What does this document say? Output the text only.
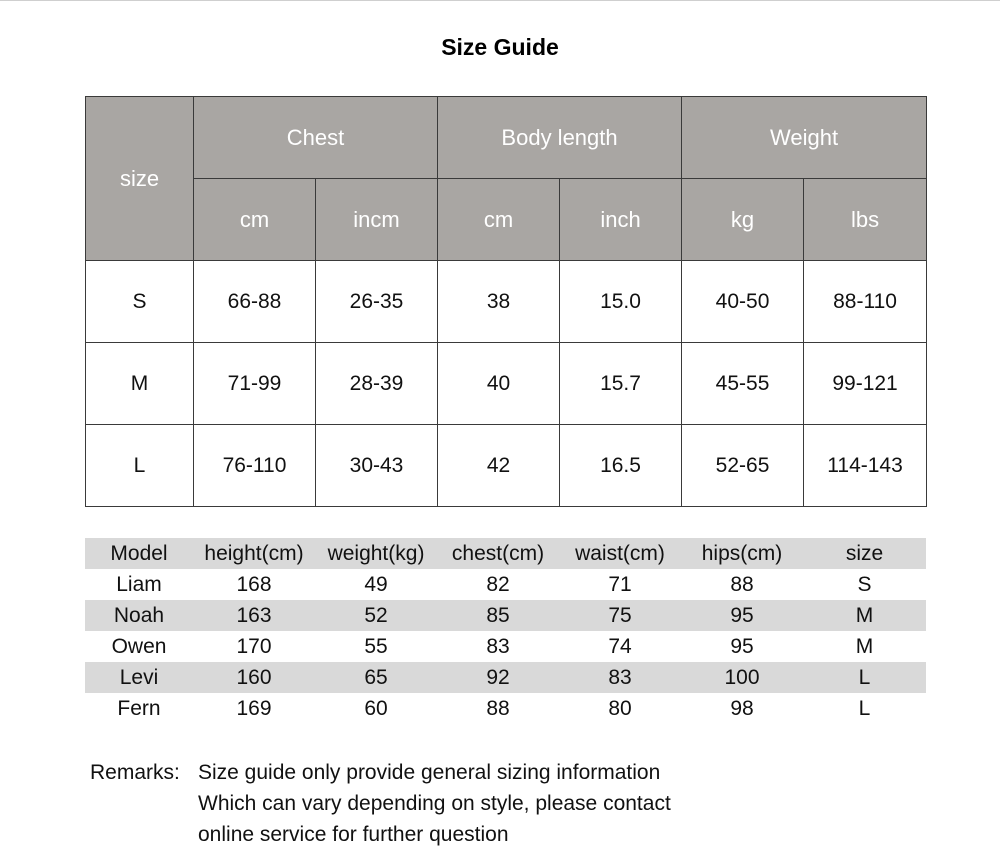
Size Guide
size	Chest		Body length		Weight	
	cm	incm	cm	inch	kg	lbs
S	66-88	26-35	38	15.0	40-50	88-110
M	71-99	28-39	40	15.7	45-55	99-121
L	76-110	30-43	42	16.5	52-65	114-143
Model	height(cm)	weight(kg)	chest(cm)	waist(cm)	hips(cm)	size
Liam	168	49	82	71	88	S
Noah	163	52	85	75	95	M
Owen	170	55	83	74	95	M
Levi	160	65	92	83	100	L
Fern	169	60	88	80	98	L
Remarks: Size guide only provide general sizing information
Which can vary depending on style, please contact
online service for further question
